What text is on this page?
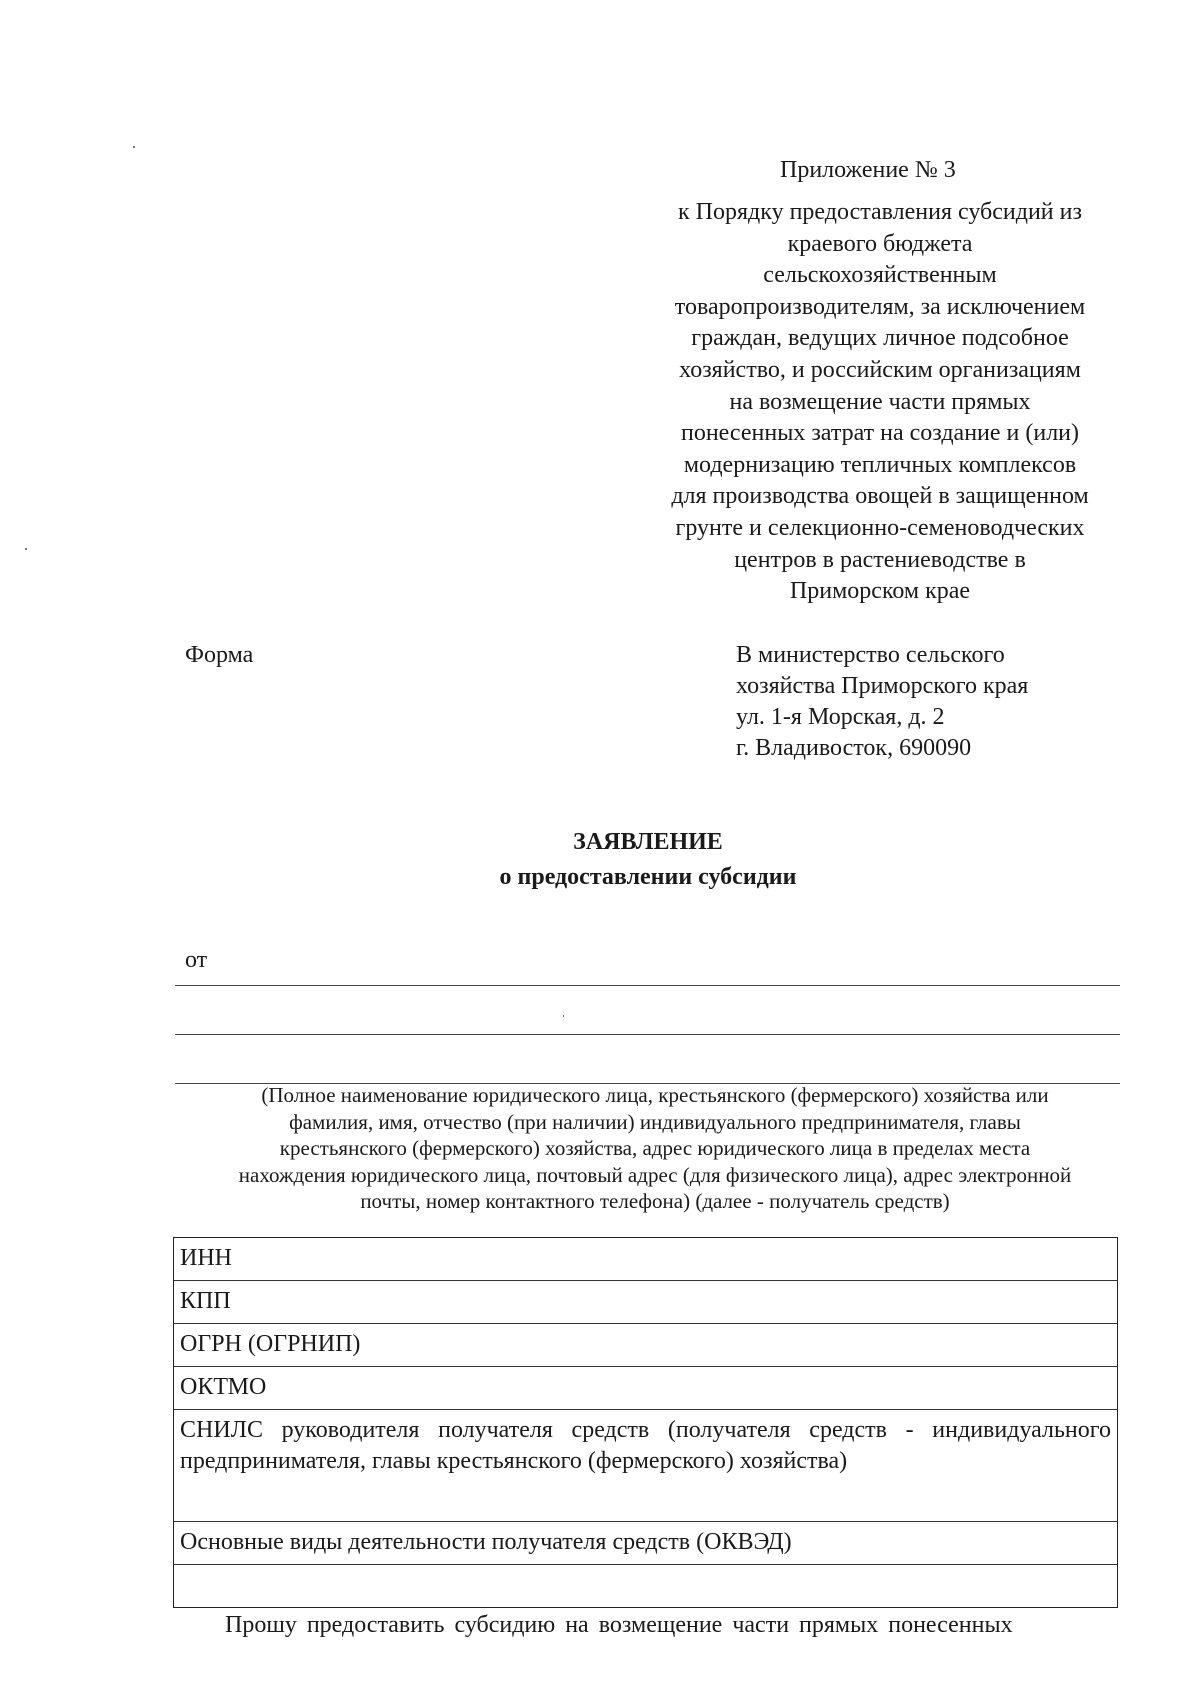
Приложение № 3
к Порядку предоставления субсидий из
краевого бюджета
сельскохозяйственным
товаропроизводителям, за исключением
граждан, ведущих личное подсобное
хозяйство, и российским организациям
на возмещение части прямых
понесенных затрат на создание и (или)
модернизацию тепличных комплексов
для производства овощей в защищенном
грунте и селекционно-семеноводческих
центров в растениеводстве в
Приморском крае
Форма	В министерство сельского
хозяйства Приморского края
ул. 1-я Морская, д. 2
г. Владивосток, 690090
ЗАЯВЛЕНИЕ
о предоставлении субсидии
от
(Полное наименование юридического лица, крестьянского (фермерского) хозяйства или
фамилия, имя, отчество (при наличии) индивидуального предпринимателя, главы
крестьянского (фермерского) хозяйства, адрес юридического лица в пределах места
нахождения юридического лица, почтовый адрес (для физического лица), адрес электронной
почты, номер контактного телефона) (далее - получатель средств)
ИНН
КПП
ОГРН (ОГРНИП)
ОКТМО

СНИЛС руководителя получателя средств (получателя средств - индивидуального предпринимателя, главы крестьянского (фермерского) хозяйства)

Основные виды деятельности получателя средств (ОКВЭД)
Прошу предоставить субсидию на возмещение части прямых понесенных
